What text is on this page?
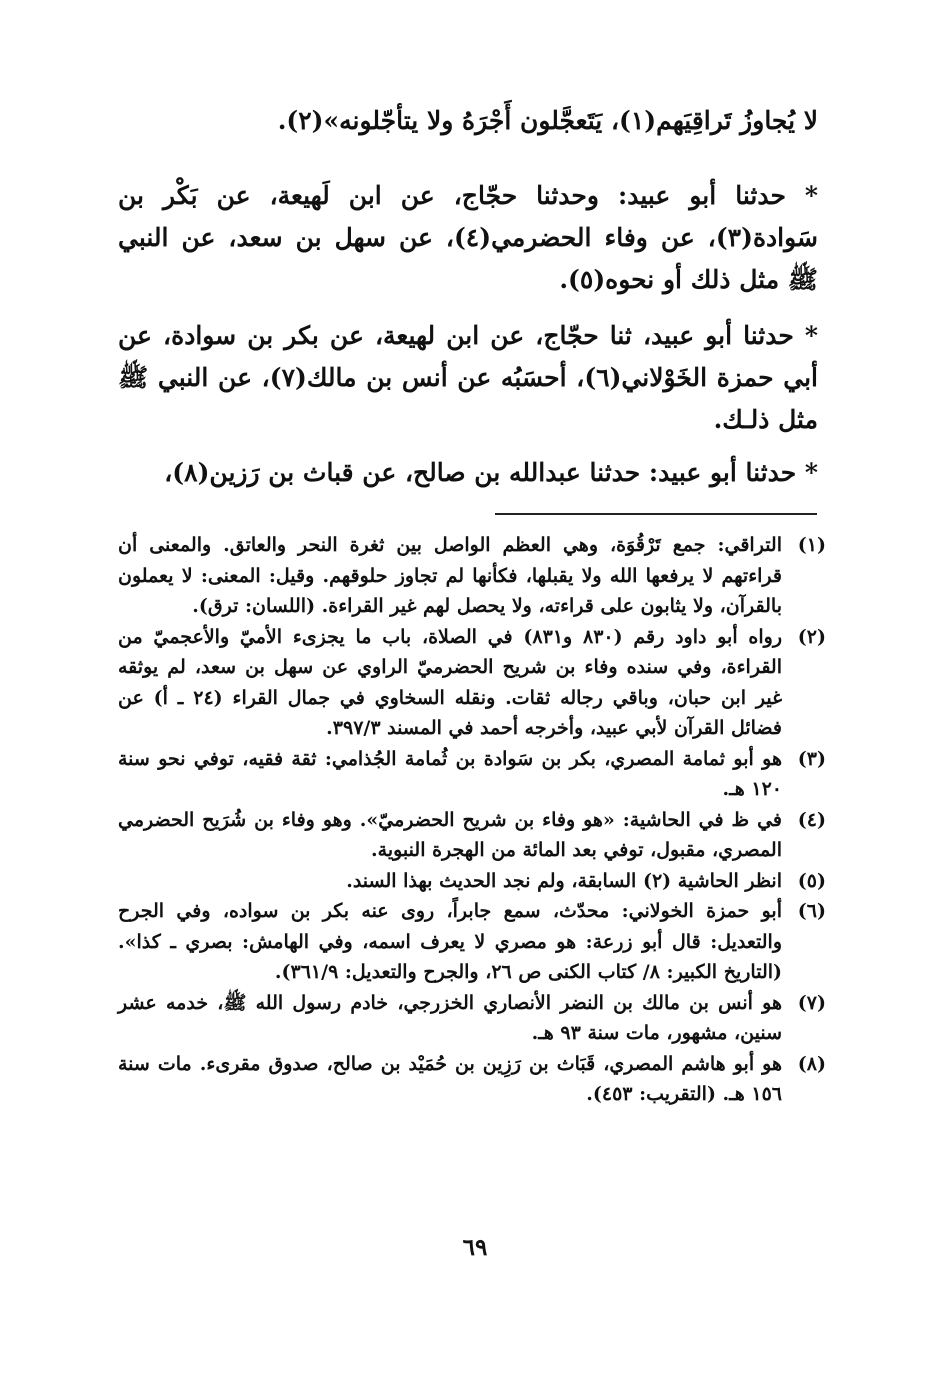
لا يُجاوزُ تَراقِيَهم(١)، يَتَعجَّلون أَجْرَهُ ولا يتأجّلونه»(٢).

* حدثنا أبو عبيد: وحدثنا حجّاج، عن ابن لَهيعة، عن بَكْر بن سَوادة(٣)، عن وفاء الحضرمي(٤)، عن سهل بن سعد، عن النبي ﷺ مثل ذلك أو نحوه(٥).

* حدثنا أبو عبيد، ثنا حجّاج، عن ابن لهيعة، عن بكر بن سوادة، عن أبي حمزة الخَوْلاني(٦)، أحسَبُه عن أنس بن مالك(٧)، عن النبي ﷺ مثل ذلـك.

* حدثنا أبو عبيد: حدثنا عبدالله بن صالح، عن قباث بن رَزين(٨)،

(١)
التراقي: جمع تَرْقُوَة، وهي العظم الواصل بين ثغرة النحر والعاتق. والمعنى أن قراءتهم لا يرفعها الله ولا يقبلها، فكأنها لم تجاوز حلوقهم. وقيل: المعنى: لا يعملون بالقرآن، ولا يثابون على قراءته، ولا يحصل لهم غير القراءة. (اللسان: ترق).
(٢)
رواه أبو داود رقم (٨٣٠ و٨٣١) في الصلاة، باب ما يجزىء الأميّ والأعجميّ من القراءة، وفي سنده وفاء بن شريح الحضرميّ الراوي عن سهل بن سعد، لم يوثقه غير ابن حبان، وباقي رجاله ثقات. ونقله السخاوي في جمال القراء (٢٤ ـ أ) عن فضائل القرآن لأبي عبيد، وأخرجه أحمد في المسند ٣٩٧/٣.
(٣)
هو أبو ثمامة المصري، بكر بن سَوادة بن ثُمامة الجُذامي: ثقة فقيه، توفي نحو سنة ١٢٠ هـ.
(٤)
في ظ في الحاشية: «هو وفاء بن شريح الحضرميّ». وهو وفاء بن شُرَيح الحضرمي المصري، مقبول، توفي بعد المائة من الهجرة النبوية.
(٥)
انظر الحاشية (٢) السابقة، ولم نجد الحديث بهذا السند.
(٦)
أبو حمزة الخولاني: محدّث، سمع جابراً، روى عنه بكر بن سواده، وفي الجرح والتعديل: قال أبو زرعة: هو مصري لا يعرف اسمه، وفي الهامش: بصري ـ كذا». (التاريخ الكبير: ٨/ كتاب الكنى ص ٢٦، والجرح والتعديل: ٣٦١/٩).
(٧)
هو أنس بن مالك بن النضر الأنصاري الخزرجي، خادم رسول الله ﷺ، خدمه عشر سنين، مشهور، مات سنة ٩٣ هـ.
(٨)
هو أبو هاشم المصري، قَبَاث بن رَزِين بن حُمَيْد بن صالح، صدوق مقرىء. مات سنة ١٥٦ هـ. (التقريب: ٤٥٣).
٦٩
